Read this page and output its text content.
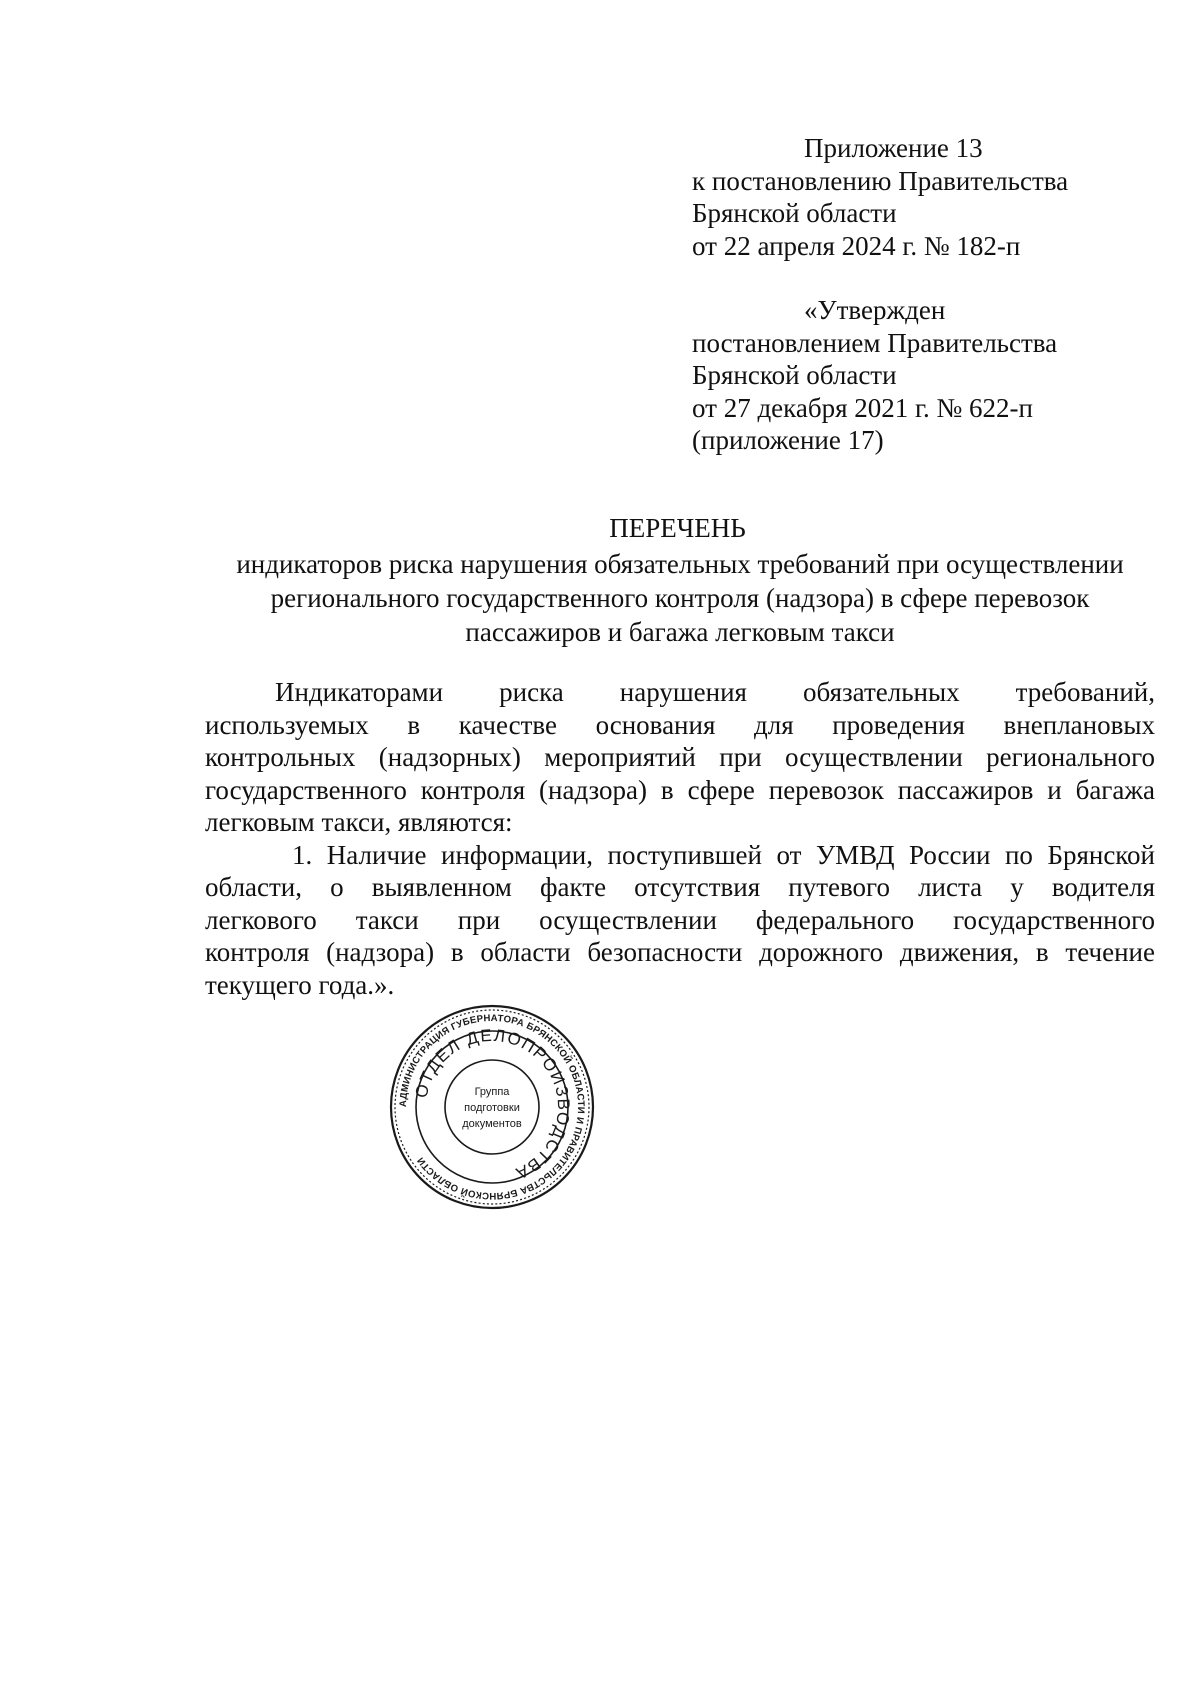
Приложение 13
к постановлению Правительства
Брянской области
от 22 апреля 2024 г. № 182-п
«Утвержден
постановлением Правительства
Брянской области
от 27 декабря 2021 г. № 622-п
(приложение 17)
ПЕРЕЧЕНЬ
индикаторов риска нарушения обязательных требований при осуществлении
регионального государственного контроля (надзора) в сфере перевозок
пассажиров и багажа легковым такси
Индикаторами риска нарушения обязательных требований,
используемых в качестве основания для проведения внеплановых
контрольных (надзорных) мероприятий при осуществлении регионального
государственного контроля (надзора) в сфере перевозок пассажиров и багажа
легковым такси, являются:
1. Наличие информации, поступившей от УМВД России по Брянской
области, о выявленном факте отсутствия путевого листа у водителя
легкового такси при осуществлении федерального государственного
контроля (надзора) в области безопасности дорожного движения, в течение
текущего года.».
АДМИНИСТРАЦИЯ ГУБЕРНАТОРА БРЯНСКОЙ ОБЛАСТИ И ПРАВИТЕЛЬСТВА БРЯНСКОЙ ОБЛАСТИ
ОТДЕЛ ДЕЛОПРОИЗВОДСТВА
Группа
подготовки
документов
